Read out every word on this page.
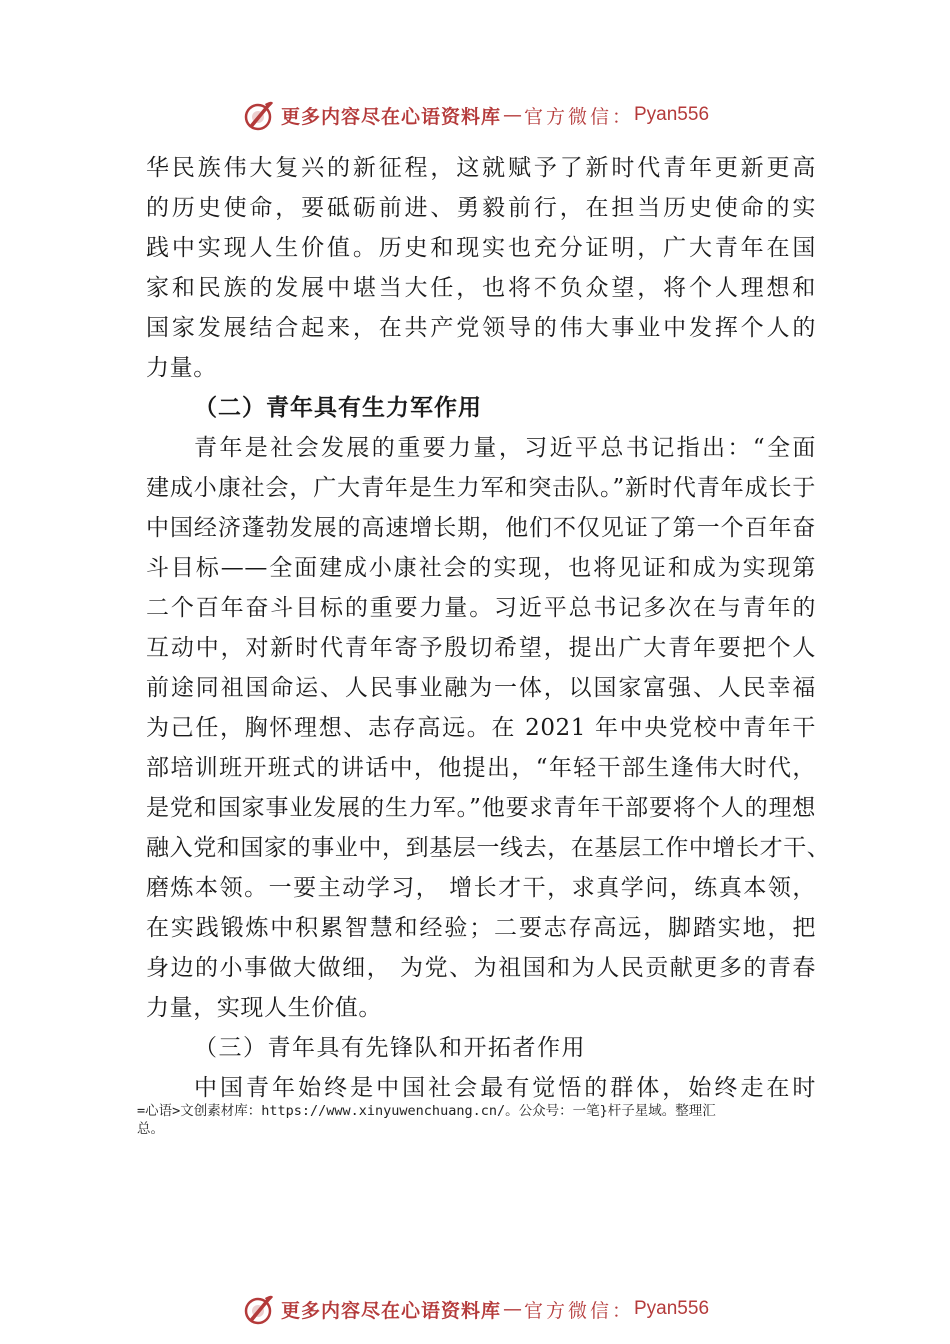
更多内容尽在心语资料库 — 官方微信： Pyan556
华民族伟大复兴的新征程，这就赋予了新时代青年更新更高
的历史使命，要砥砺前进、勇毅前行，在担当历史使命的实
践中实现人生价值。历史和现实也充分证明，广大青年在国
家和民族的发展中堪当大任，也将不负众望，将个人理想和
国家发展结合起来，在共产党领导的伟大事业中发挥个人的
力量。
（二）青年具有生力军作用
青年是社会发展的重要力量，习近平总书记指出：“全面
建成小康社会，广大青年是生力军和突击队。”新时代青年成长于
中国经济蓬勃发展的高速增长期，他们不仅见证了第一个百年奋
斗目标——全面建成小康社会的实现，也将见证和成为实现第
二个百年奋斗目标的重要力量。习近平总书记多次在与青年的
互动中，对新时代青年寄予殷切希望，提出广大青年要把个人
前途同祖国命运、人民事业融为一体，以国家富强、人民幸福
为己任，胸怀理想、志存高远。在 2021 年中央党校中青年干
部培训班开班式的讲话中，他提出，“年轻干部生逢伟大时代，
是党和国家事业发展的生力军。”他要求青年干部要将个人的理想
融入党和国家的事业中，到基层一线去，在基层工作中增长才干、
磨炼本领。一要主动学习， 增长才干，求真学问，练真本领，
在实践锻炼中积累智慧和经验；二要志存高远，脚踏实地，把
身边的小事做大做细， 为党、为祖国和为人民贡献更多的青春
力量，实现人生价值。
（三）青年具有先锋队和开拓者作用
中国青年始终是中国社会最有觉悟的群体，始终走在时
=心语>文创素材库：https://www.xinyuwenchuang.cn/。公众号：一笔}杆子星域。整理汇
总。
更多内容尽在心语资料库 — 官方微信： Pyan556
